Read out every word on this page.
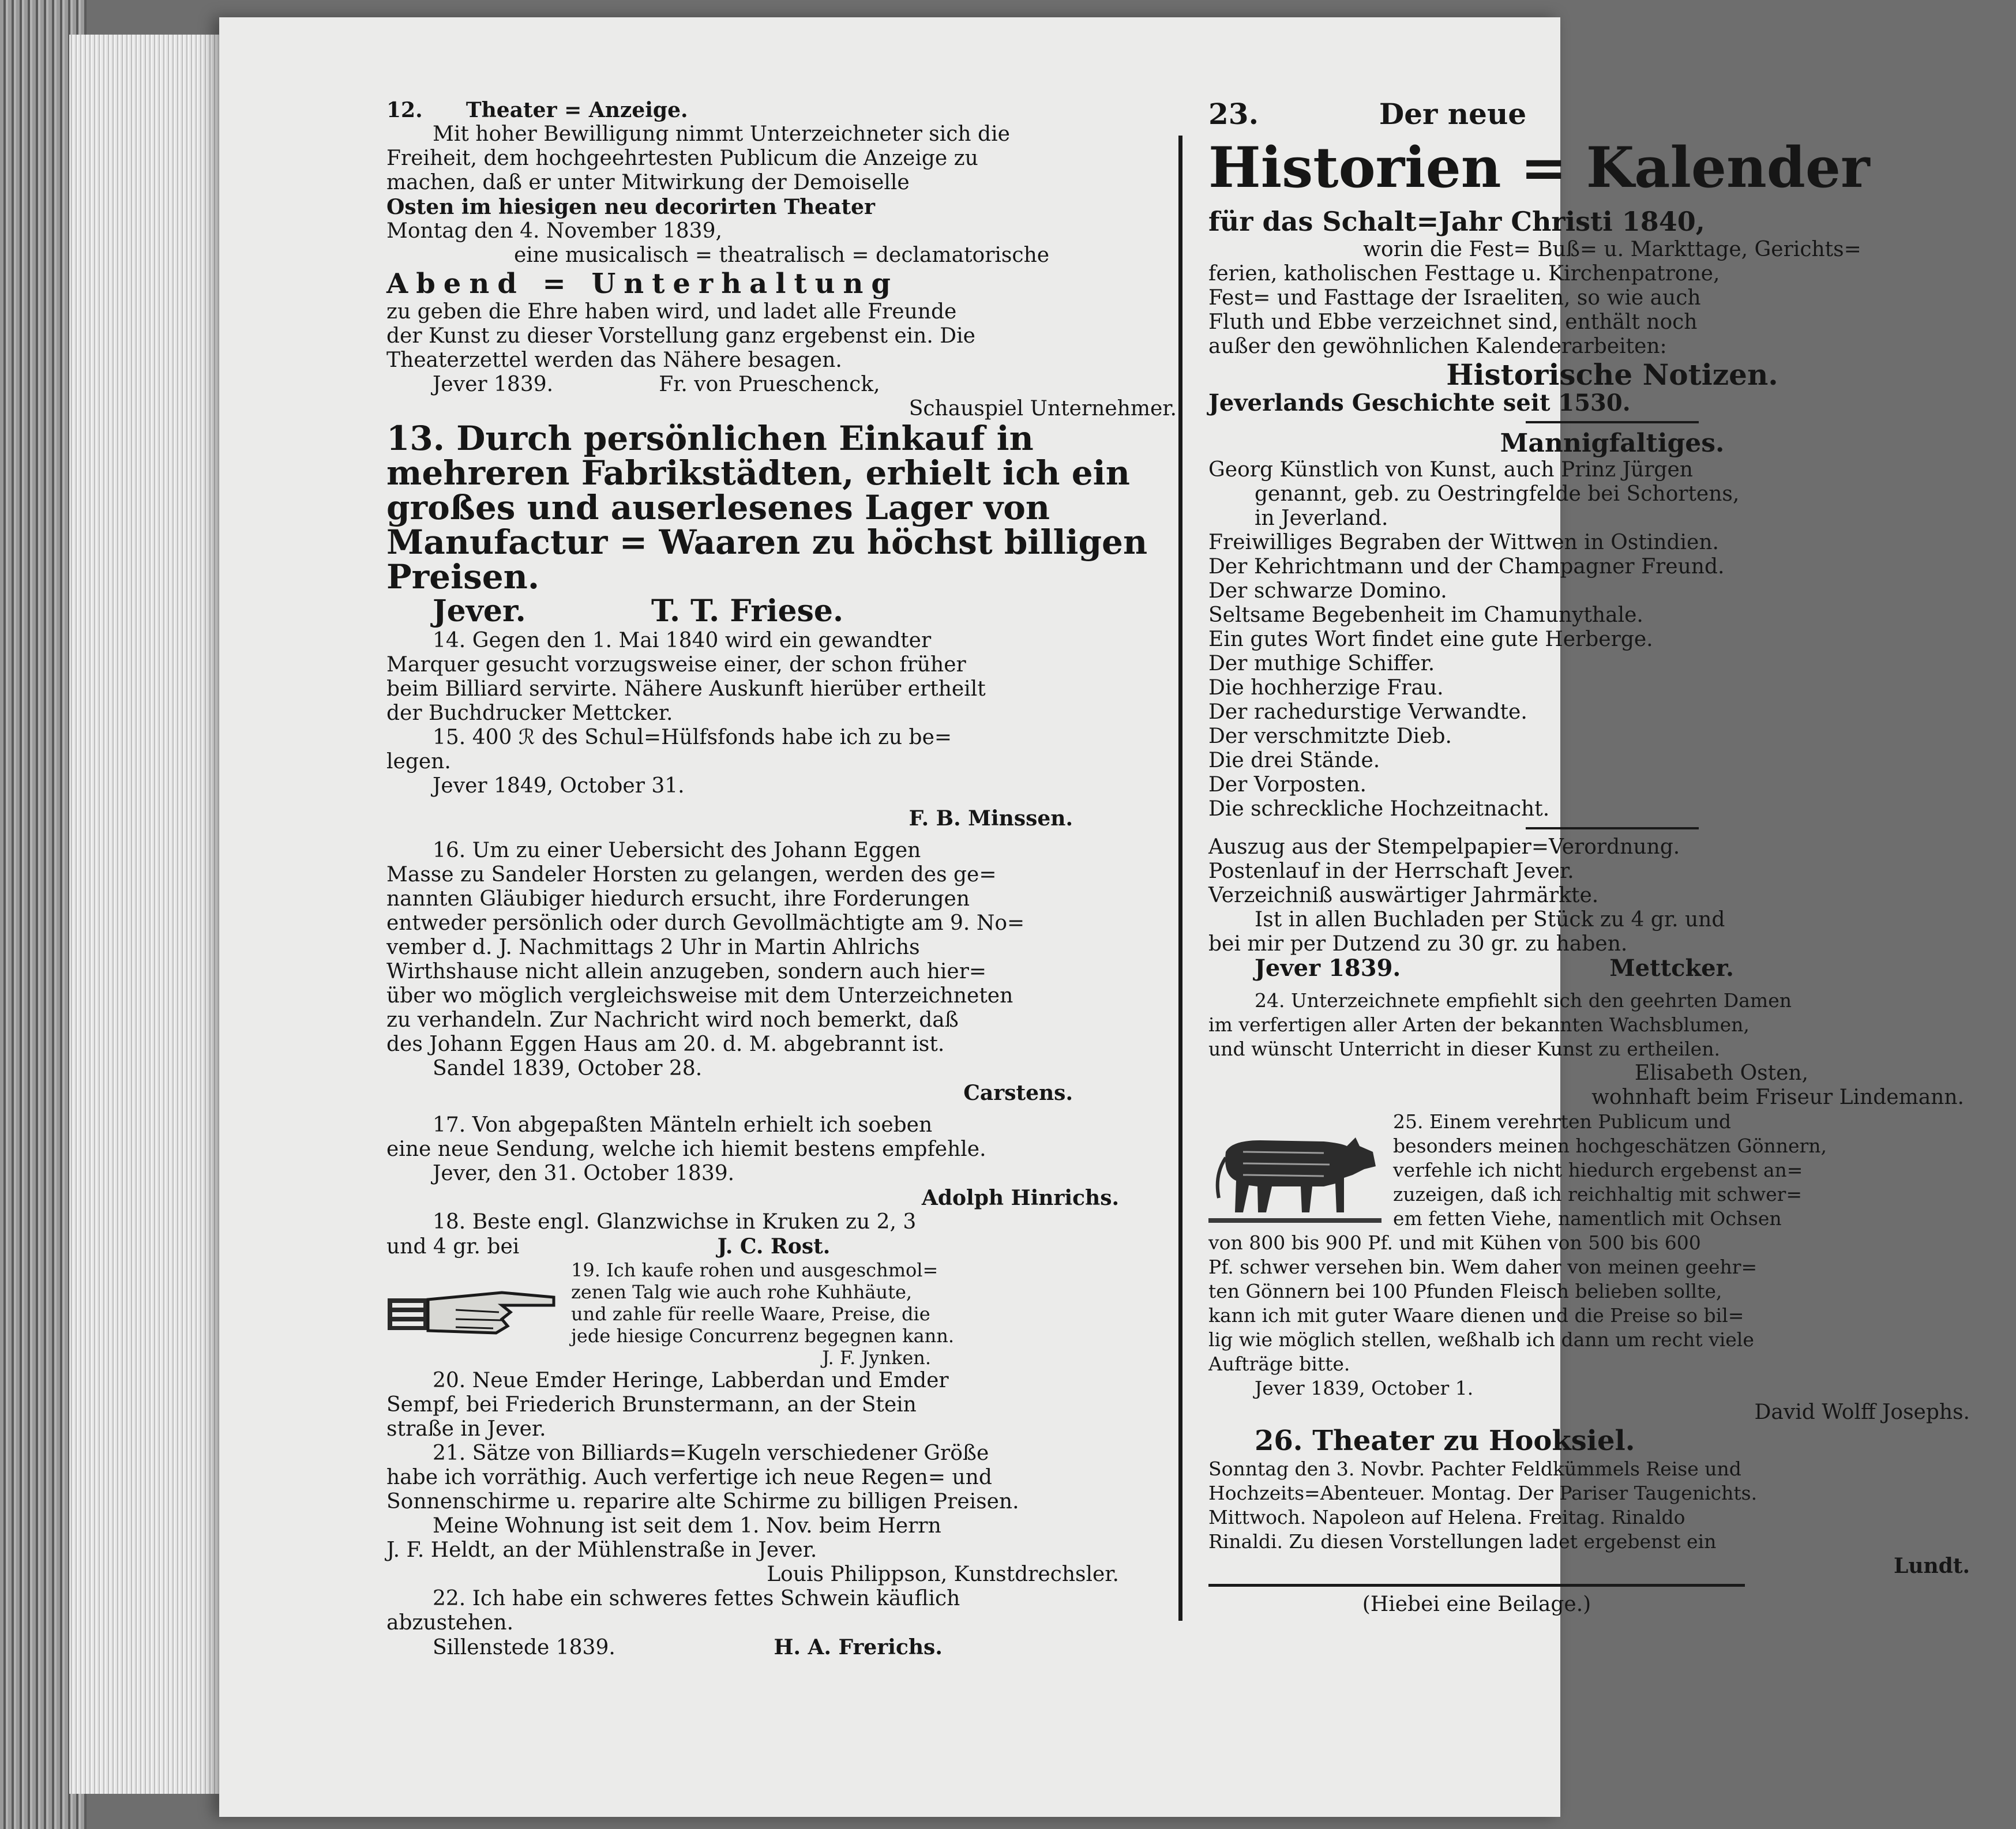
12. Theater = Anzeige.

Mit hoher Bewilligung nimmt Unterzeichneter sich die

Freiheit, dem hochgeehrtesten Publicum die Anzeige zu

machen, daß er unter Mitwirkung der Demoiselle

Osten im hiesigen neu decorirten Theater

Montag den 4. November 1839,

eine musicalisch = theatralisch = declamatorische

Abend = Unterhaltung

zu geben die Ehre haben wird, und ladet alle Freunde

der Kunst zu dieser Vorstellung ganz ergebenst ein. Die

Theaterzettel werden das Nähere besagen.

Jever 1839.	Fr. von Prueschenck,

Schauspiel Unternehmer.

13. Durch persönlichen Einkauf in

mehreren Fabrikstädten, erhielt ich ein

großes und auserlesenes Lager von

Manufactur = Waaren zu höchst billigen

Preisen.

Jever.	T. T. Friese.

14. Gegen den 1. Mai 1840 wird ein gewandter

Marquer gesucht vorzugsweise einer, der schon früher

beim Billiard servirte. Nähere Auskunft hierüber ertheilt

der Buchdrucker Mettcker.

15. 400 ℛ des Schul=Hülfsfonds habe ich zu be=

legen.

Jever 1849, October 31.

F. B. Minssen.

16. Um zu einer Uebersicht des Johann Eggen

Masse zu Sandeler Horsten zu gelangen, werden des ge=

nannten Gläubiger hiedurch ersucht, ihre Forderungen

entweder persönlich oder durch Gevollmächtigte am 9. No=

vember d. J. Nachmittags 2 Uhr in Martin Ahlrichs

Wirthshause nicht allein anzugeben, sondern auch hier=

über wo möglich vergleichsweise mit dem Unterzeichneten

zu verhandeln. Zur Nachricht wird noch bemerkt, daß

des Johann Eggen Haus am 20. d. M. abgebrannt ist.

Sandel 1839, October 28.

Carstens.

17. Von abgepaßten Mänteln erhielt ich soeben

eine neue Sendung, welche ich hiemit bestens empfehle.

Jever, den 31. October 1839.

Adolph Hinrichs.

18. Beste engl. Glanzwichse in Kruken zu 2, 3

und 4 gr. bei	J. C. Rost.

19. Ich kaufe rohen und ausgeschmol=

zenen Talg wie auch rohe Kuhhäute,

und zahle für reelle Waare, Preise, die

jede hiesige Concurrenz begegnen kann.

J. F. Jynken.

20. Neue Emder Heringe, Labberdan und Emder

Sempf, bei Friederich Brunstermann, an der Stein

straße in Jever.

21. Sätze von Billiards=Kugeln verschiedener Größe

habe ich vorräthig. Auch verfertige ich neue Regen= und

Sonnenschirme u. reparire alte Schirme zu billigen Preisen.

Meine Wohnung ist seit dem 1. Nov. beim Herrn

J. F. Heldt, an der Mühlenstraße in Jever.

Louis Philippson, Kunstdrechsler.

22. Ich habe ein schweres fettes Schwein käuflich

abzustehen.

Sillenstede 1839.	H. A. Frerichs.

23.	Der neue

Historien = Kalender

für das Schalt=Jahr Christi 1840,

worin die Fest= Buß= u. Markttage, Gerichts=

ferien, katholischen Festtage u. Kirchenpatrone,

Fest= und Fasttage der Israeliten, so wie auch

Fluth und Ebbe verzeichnet sind, enthält noch

außer den gewöhnlichen Kalenderarbeiten:

Historische Notizen.

Jeverlands Geschichte seit 1530.

Mannigfaltiges.

Georg Künstlich von Kunst, auch Prinz Jürgen

genannt, geb. zu Oestringfelde bei Schortens,

in Jeverland.

Freiwilliges Begraben der Wittwen in Ostindien.

Der Kehrichtmann und der Champagner Freund.

Der schwarze Domino.

Seltsame Begebenheit im Chamunythale.

Ein gutes Wort findet eine gute Herberge.

Der muthige Schiffer.

Die hochherzige Frau.

Der rachedurstige Verwandte.

Der verschmitzte Dieb.

Die drei Stände.

Der Vorposten.

Die schreckliche Hochzeitnacht.

Auszug aus der Stempelpapier=Verordnung.

Postenlauf in der Herrschaft Jever.

Verzeichniß auswärtiger Jahrmärkte.

Ist in allen Buchladen per Stück zu 4 gr. und

bei mir per Dutzend zu 30 gr. zu haben.

Jever 1839.	Mettcker.

24. Unterzeichnete empfiehlt sich den geehrten Damen

im verfertigen aller Arten der bekannten Wachsblumen,

und wünscht Unterricht in dieser Kunst zu ertheilen.

Elisabeth Osten,

wohnhaft beim Friseur Lindemann.

25. Einem verehrten Publicum und

besonders meinen hochgeschätzen Gönnern,

verfehle ich nicht hiedurch ergebenst an=

zuzeigen, daß ich reichhaltig mit schwer=

em fetten Viehe, namentlich mit Ochsen

von 800 bis 900 Pf. und mit Kühen von 500 bis 600

Pf. schwer versehen bin. Wem daher von meinen geehr=

ten Gönnern bei 100 Pfunden Fleisch belieben sollte,

kann ich mit guter Waare dienen und die Preise so bil=

lig wie möglich stellen, weßhalb ich dann um recht viele

Aufträge bitte.

Jever 1839, October 1.

David Wolff Josephs.

26. Theater zu Hooksiel.

Sonntag den 3. Novbr. Pachter Feldkümmels Reise und

Hochzeits=Abenteuer. Montag. Der Pariser Taugenichts.

Mittwoch. Napoleon auf Helena. Freitag. Rinaldo

Rinaldi. Zu diesen Vorstellungen ladet ergebenst ein

Lundt.

(Hiebei eine Beilage.)
